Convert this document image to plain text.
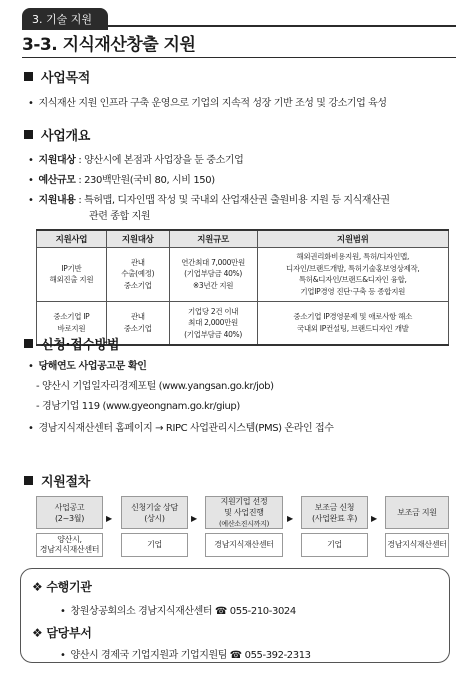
3. 기술 지원
3-3. 지식재산창출 지원
사업목적
• 지식재산 지원 인프라 구축 운영으로 기업의 지속적 성장 기반 조성 및 강소기업 육성
사업개요
• 지원대상 : 양산시에 본점과 사업장을 둔 중소기업
• 예산규모 : 230백만원(국비 80, 시비 150)
• 지원내용 : 특허맵, 디자인맵 작성 및 국내외 산업재산권 출원비용 지원 등 지식재산권
관련 종합 지원
지원사업	지원대상	지원규모	지원범위
IP기반
해외진출 지원	관내
수출(예정)
중소기업	연간최대 7,000만원
(기업부담금 40%)
※3년간 지원	해외권리화비용지원, 특허/디자인맵,
디자인/브랜드개발, 특허기술홍보영상제작,
특허&디자인/브랜드&디자인 융합,
기업IP경영 진단·구축 등 종합지원
중소기업 IP
바로지원	관내
중소기업	기업당 2건 이내
최대 2,000만원
(기업부담금 40%)	중소기업 IP경영문제 및 애로사항 해소
국내외 IP컨설팅, 브랜드디자인 개발
신청·접수방법
• 당해연도 사업공고문 확인
- 양산시 기업일자리경제포털 (www.yangsan.go.kr/job)
- 경남기업 119 (www.gyeongnam.go.kr/giup)
• 경남지식재산센터 홈페이지 → RIPC 사업관리시스템(PMS) 온라인 접수
지원절차
사업공고
(2~3월)
양산시,
경남지식재산센터
▶
신청기술 상담
(상시)
기업
▶
지원기업 선정
및 사업진행
(예산소진시까지)
경남지식재산센터
▶
보조금 신청
(사업완료 후)
기업
▶
보조금 지원
경남지식재산센터
❖ 수행기관
• 창원상공회의소 경남지식재산센터 ☎ 055-210-3024
❖ 담당부서
• 양산시 경제국 기업지원과 기업지원팀 ☎ 055-392-2313
